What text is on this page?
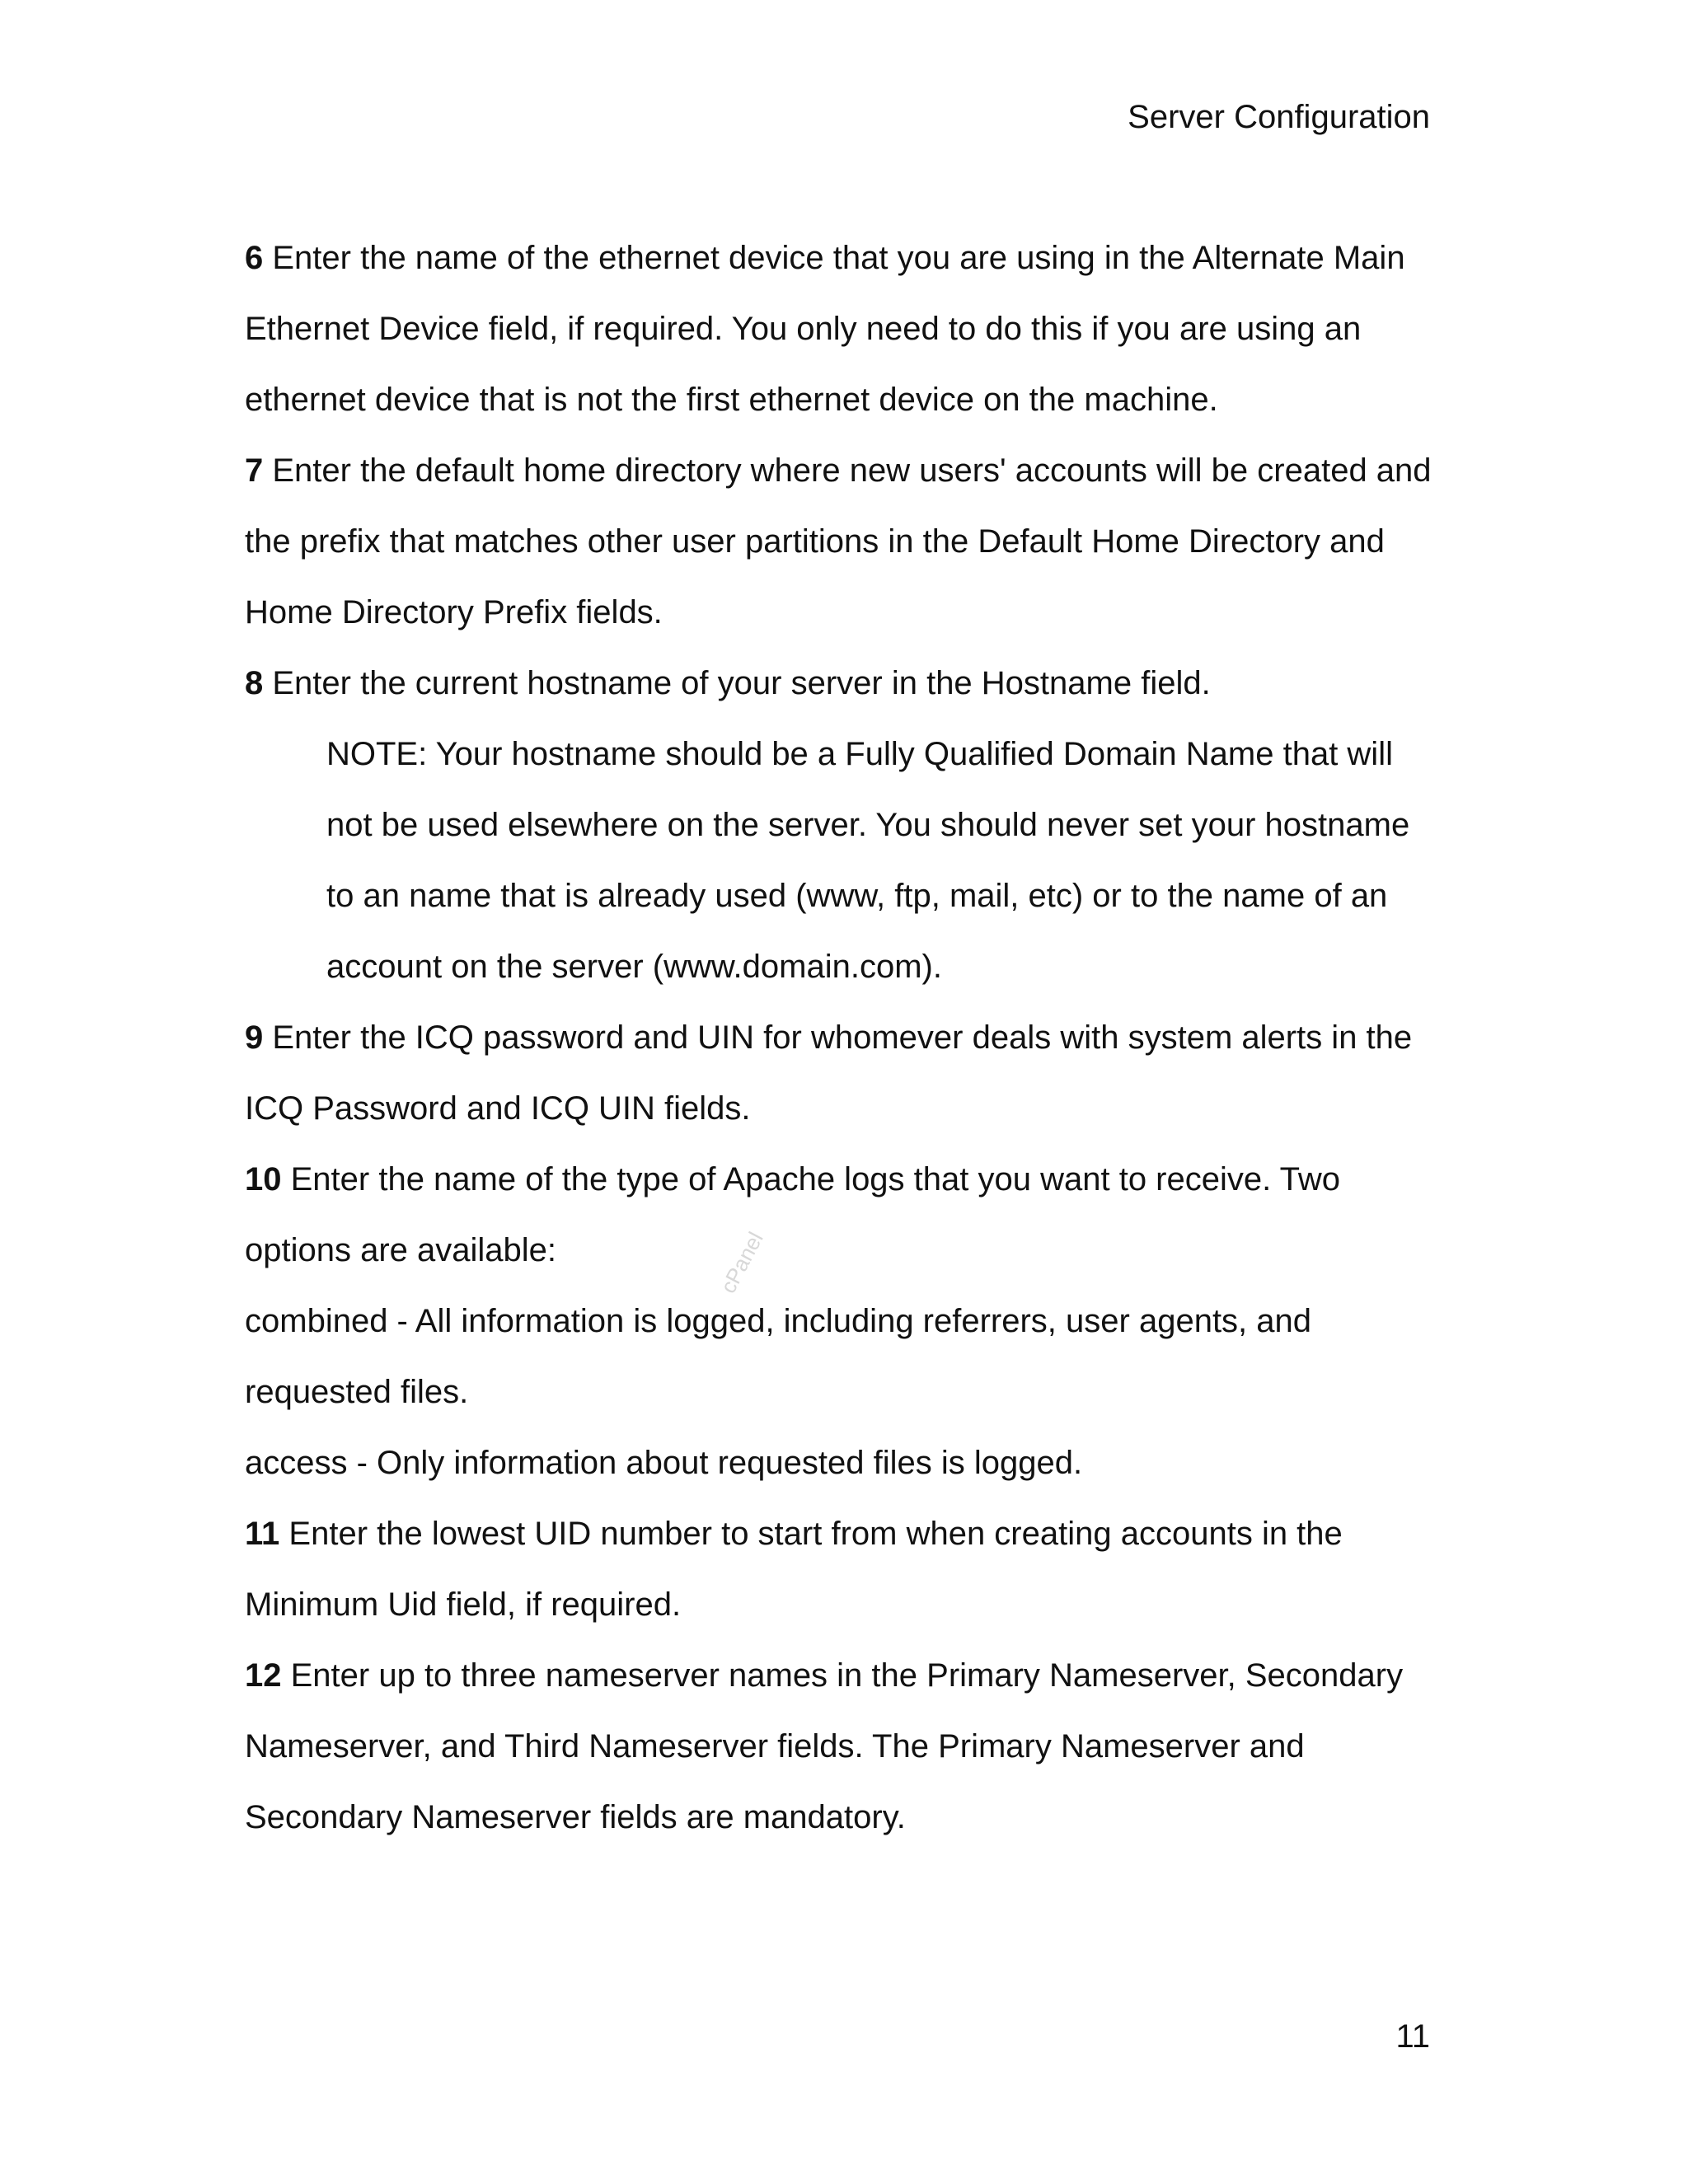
Server Configuration

6 Enter the name of the ethernet device that you are using in the Alternate Main Ethernet Device field, if required. You only need to do this if you are using an ethernet device that is not the first ethernet device on the machine.

7 Enter the default home directory where new users' accounts will be created and the prefix that matches other user partitions in the Default Home Directory and Home Directory Prefix fields.

8 Enter the current hostname of your server in the Hostname field.

NOTE: Your hostname should be a Fully Qualified Domain Name that will not be used elsewhere on the server. You should never set your hostname to an name that is already used (www, ftp, mail, etc) or to the name of an account on the server (www.domain.com).

9 Enter the ICQ password and UIN for whomever deals with system alerts in the ICQ Password and ICQ UIN fields.

10 Enter the name of the type of Apache logs that you want to receive. Two options are available:

combined - All information is logged, including referrers, user agents, and requested files.

access - Only information about requested files is logged.

11 Enter the lowest UID number to start from when creating accounts in the Minimum Uid field, if required.

12 Enter up to three nameserver names in the Primary Nameserver, Secondary Nameserver, and Third Nameserver fields. The Primary Nameserver and Secondary Nameserver fields are mandatory.

cPanel
11
